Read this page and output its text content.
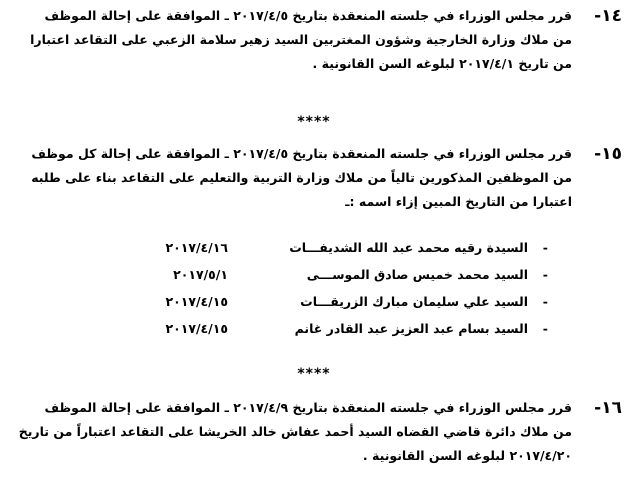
١٤-

قرر مجلس الوزراء في جلسته المنعقدة بتاريخ ٢٠١٧/٤/٥ ـ الموافقة على إحالة الموظف

من ملاك وزارة الخارجية وشؤون المغتربين السيد زهير سلامة الزعبي على التقاعد اعتبارا

من تاريخ ٢٠١٧/٤/١ لبلوغه السن القانونية .

****
١٥-

قرر مجلس الوزراء في جلسته المنعقدة بتاريخ ٢٠١٧/٤/٥ ـ الموافقة على إحالة كل موظف

من الموظفين المذكورين تالياً من ملاك وزارة التربية والتعليم على التقاعد بناء على طلبه

اعتبارا من التاريخ المبين إزاء اسمه :ـ

-
السيدة رقيه محمد عبد الله الشديفـــات
٢٠١٧/٤/١٦
-
السيد محمد خميس صادق الموســـى
٢٠١٧/٥/١
-
السيد علي سليمان مبارك الزريقـــات
٢٠١٧/٤/١٥
-
السيد بسام عبد العزيز عبد القادر غانم
٢٠١٧/٤/١٥
****
١٦-

قرر مجلس الوزراء في جلسته المنعقدة بتاريخ ٢٠١٧/٤/٩ ـ الموافقة على إحالة الموظف

من ملاك دائرة قاضي القضاه السيد أحمد عفاش خالد الخريشا على التقاعد اعتباراً من تاريخ

٢٠١٧/٤/٢٠ لبلوغه السن القانونية .
